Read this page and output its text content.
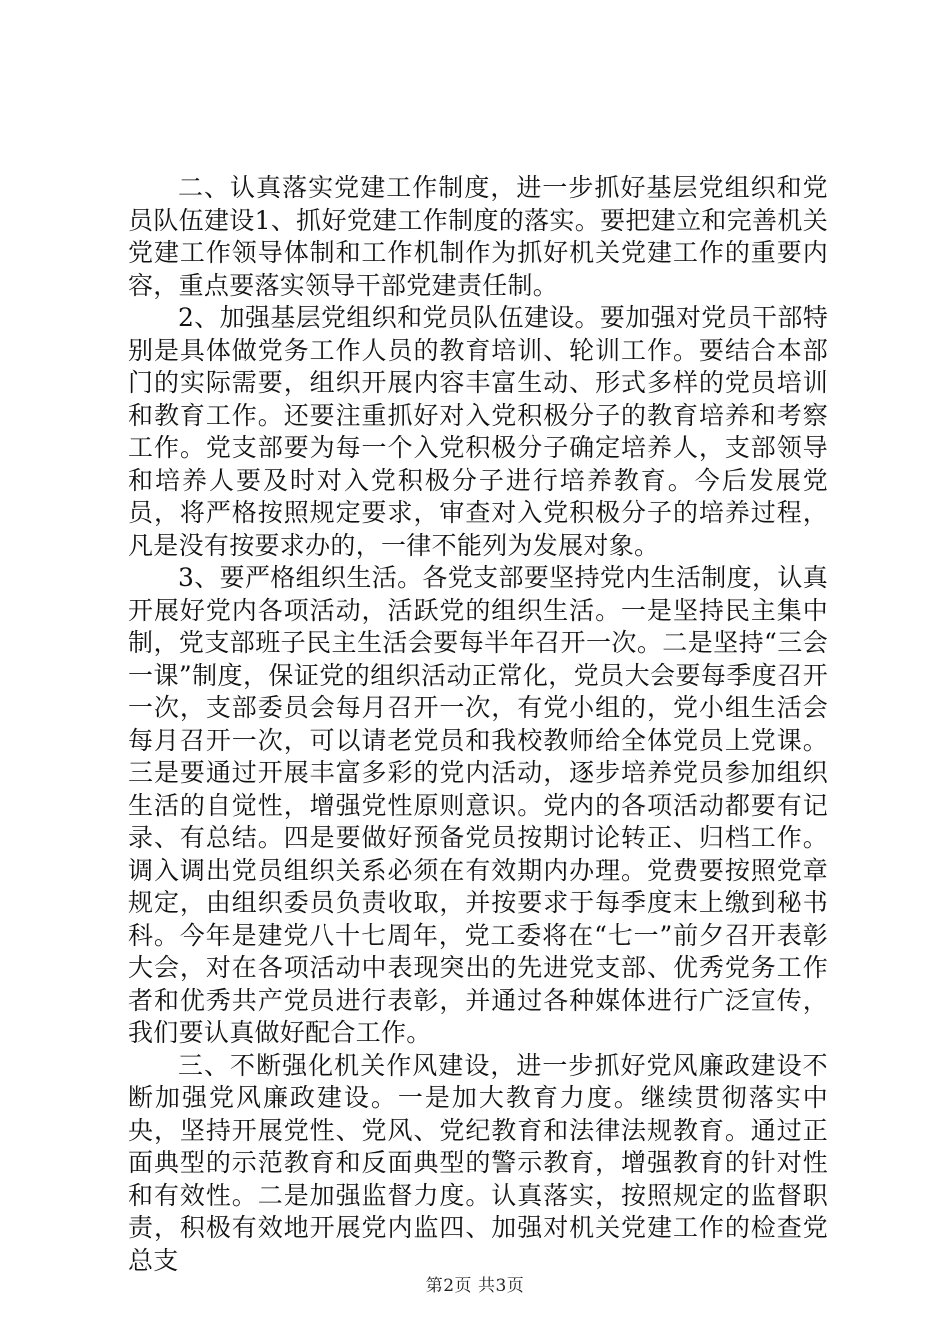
二、认真落实党建工作制度，进一步抓好基层党组织和党员队伍建设1、抓好党建工作制度的落实。要把建立和完善机关党建工作领导体制和工作机制作为抓好机关党建工作的重要内容，重点要落实领导干部党建责任制。

2、加强基层党组织和党员队伍建设。要加强对党员干部特别是具体做党务工作人员的教育培训、轮训工作。要结合本部门的实际需要，组织开展内容丰富生动、形式多样的党员培训和教育工作。还要注重抓好对入党积极分子的教育培养和考察工作。党支部要为每一个入党积极分子确定培养人，支部领导和培养人要及时对入党积极分子进行培养教育。今后发展党员，将严格按照规定要求，审查对入党积极分子的培养过程，凡是没有按要求办的，一律不能列为发展对象。

3、要严格组织生活。各党支部要坚持党内生活制度，认真开展好党内各项活动，活跃党的组织生活。一是坚持民主集中制，党支部班子民主生活会要每半年召开一次。二是坚持“三会一课”制度，保证党的组织活动正常化，党员大会要每季度召开一次，支部委员会每月召开一次，有党小组的，党小组生活会每月召开一次，可以请老党员和我校教师给全体党员上党课。三是要通过开展丰富多彩的党内活动，逐步培养党员参加组织生活的自觉性，增强党性原则意识。党内的各项活动都要有记录、有总结。四是要做好预备党员按期讨论转正、归档工作。调入调出党员组织关系必须在有效期内办理。党费要按照党章规定，由组织委员负责收取，并按要求于每季度末上缴到秘书科。今年是建党八十七周年，党工委将在“七一”前夕召开表彰大会，对在各项活动中表现突出的先进党支部、优秀党务工作者和优秀共产党员进行表彰，并通过各种媒体进行广泛宣传，我们要认真做好配合工作。

三、不断强化机关作风建设，进一步抓好党风廉政建设不断加强党风廉政建设。一是加大教育力度。继续贯彻落实中央，坚持开展党性、党风、党纪教育和法律法规教育。通过正面典型的示范教育和反面典型的警示教育，增强教育的针对性和有效性。二是加强监督力度。认真落实，按照规定的监督职责，积极有效地开展党内监四、加强对机关党建工作的检查党总支

第2页 共3页
